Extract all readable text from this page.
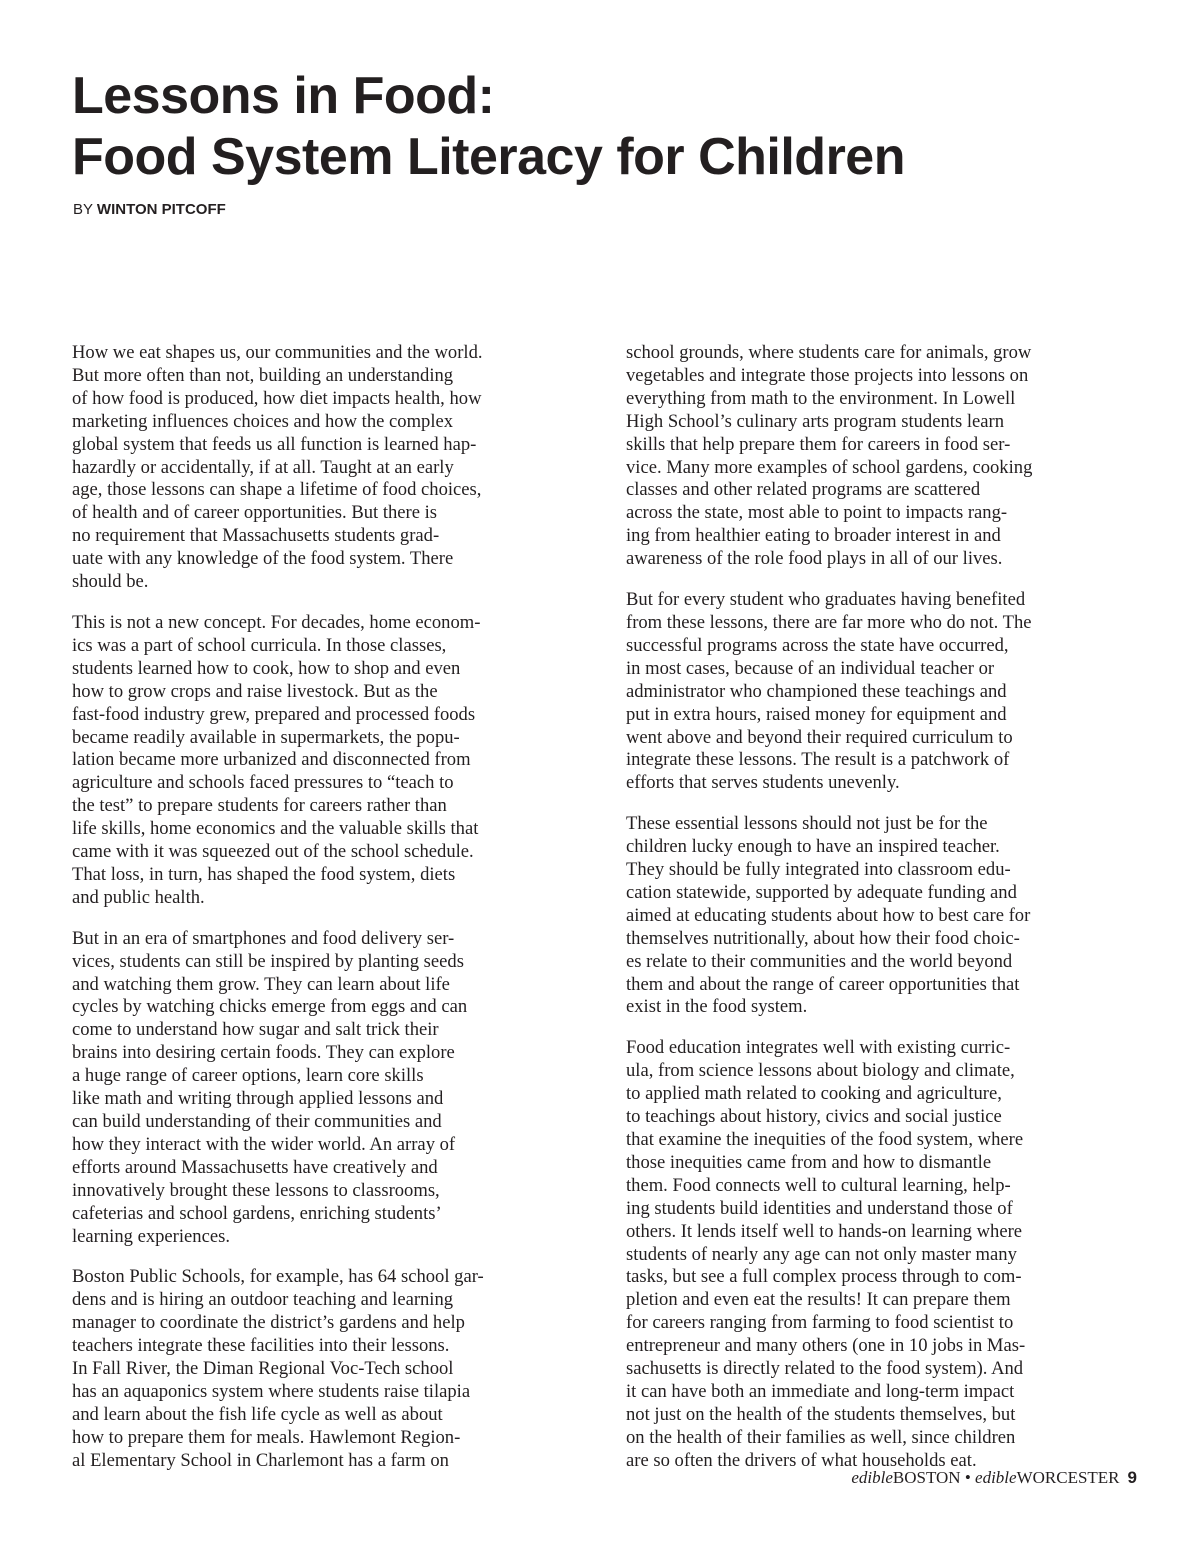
Lessons in Food:
Food System Literacy for Children
BY WINTON PITCOFF

How we eat shapes us, our communities and the world.
But more often than not, building an understanding
of how food is produced, how diet impacts health, how
marketing influences choices and how the complex
global system that feeds us all function is learned hap-
hazardly or accidentally, if at all. Taught at an early
age, those lessons can shape a lifetime of food choices,
of health and of career opportunities. But there is
no requirement that Massachusetts students grad-
uate with any knowledge of the food system. There
should be.

This is not a new concept. For decades, home econom-
ics was a part of school curricula. In those classes,
students learned how to cook, how to shop and even
how to grow crops and raise livestock. But as the
fast-food industry grew, prepared and processed foods
became readily available in supermarkets, the popu-
lation became more urbanized and disconnected from
agriculture and schools faced pressures to “teach to
the test” to prepare students for careers rather than
life skills, home economics and the valuable skills that
came with it was squeezed out of the school schedule.
That loss, in turn, has shaped the food system, diets
and public health.

But in an era of smartphones and food delivery ser-
vices, students can still be inspired by planting seeds
and watching them grow. They can learn about life
cycles by watching chicks emerge from eggs and can
come to understand how sugar and salt trick their
brains into desiring certain foods. They can explore
a huge range of career options, learn core skills
like math and writing through applied lessons and
can build understanding of their communities and
how they interact with the wider world. An array of
efforts around Massachusetts have creatively and
innovatively brought these lessons to classrooms,
cafeterias and school gardens, enriching students’
learning experiences.

Boston Public Schools, for example, has 64 school gar-
dens and is hiring an outdoor teaching and learning
manager to coordinate the district’s gardens and help
teachers integrate these facilities into their lessons.
In Fall River, the Diman Regional Voc-Tech school
has an aquaponics system where students raise tilapia
and learn about the fish life cycle as well as about
how to prepare them for meals. Hawlemont Region-
al Elementary School in Charlemont has a farm on

school grounds, where students care for animals, grow
vegetables and integrate those projects into lessons on
everything from math to the environment. In Lowell
High School’s culinary arts program students learn
skills that help prepare them for careers in food ser-
vice. Many more examples of school gardens, cooking
classes and other related programs are scattered
across the state, most able to point to impacts rang-
ing from healthier eating to broader interest in and
awareness of the role food plays in all of our lives.

But for every student who graduates having benefited
from these lessons, there are far more who do not. The
successful programs across the state have occurred,
in most cases, because of an individual teacher or
administrator who championed these teachings and
put in extra hours, raised money for equipment and
went above and beyond their required curriculum to
integrate these lessons. The result is a patchwork of
efforts that serves students unevenly.

These essential lessons should not just be for the
children lucky enough to have an inspired teacher.
They should be fully integrated into classroom edu-
cation statewide, supported by adequate funding and
aimed at educating students about how to best care for
themselves nutritionally, about how their food choic-
es relate to their communities and the world beyond
them and about the range of career opportunities that
exist in the food system.

Food education integrates well with existing curric-
ula, from science lessons about biology and climate,
to applied math related to cooking and agriculture,
to teachings about history, civics and social justice
that examine the inequities of the food system, where
those inequities came from and how to dismantle
them. Food connects well to cultural learning, help-
ing students build identities and understand those of
others. It lends itself well to hands-on learning where
students of nearly any age can not only master many
tasks, but see a full complex process through to com-
pletion and even eat the results! It can prepare them
for careers ranging from farming to food scientist to
entrepreneur and many others (one in 10 jobs in Mas-
sachusetts is directly related to the food system). And
it can have both an immediate and long-term impact
not just on the health of the students themselves, but
on the health of their families as well, since children
are so often the drivers of what households eat.

edibleBOSTON • edibleWORCESTER 9
